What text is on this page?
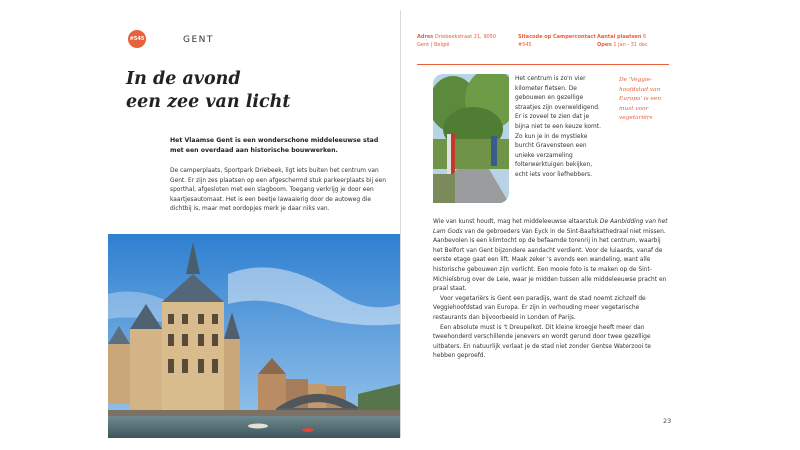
#545	GENT
In de avond
een zee van licht
Het Vlaamse Gent is een wonderschone middeleeuwse stad met een overdaad aan historische bouwwerken.
De camperplaats, Sportpark Driebeek, ligt iets buiten het centrum van Gent. Er zijn zes plaatsen op een afgeschermd stuk parkeerplaats bij een sporthal, afgesloten met een slagboom. Toegang verkrijg je door een kaartjesautomaat. Het is een beetje lawaaierig door de autoweg die dichtbij is, maar met oordopjes merk je daar niks van.
Adres Driebeekstraat 21, 9050
Gent | België
Sitecode op Campercontact
#545
Aantal plaatsen 6
Open 1 jan - 31 dec
Het centrum is zo'n vier kilometer fietsen. De gebouwen en gezellige straatjes zijn overweldigend. Er is zoveel te zien dat je bijna niet te een keuze komt. Zo kun je in de mystieke burcht Gravensteen een unieke verzameling folterwerktuigen bekijken, echt iets voor liefhebbers.
De 'Veggie-hoofdstad van Europa' is een must voor vegetariërs

Wie van kunst houdt, mag het middeleeuwse altaarstuk De Aanbidding van het Lam Gods van de gebroeders Van Eyck in de Sint-Baafskathedraal niet missen. Aanbevolen is een klimtocht op de befaamde torenrij in het centrum, waarbij het Belfort van Gent bijzondere aandacht verdient. Voor de luiaards, vanaf de eerste etage gaat een lift. Maak zeker 's avonds een wandeling, want alle historische gebouwen zijn verlicht. Een mooie foto is te maken op de Sint-Michielsbrug over de Leie, waar je midden tussen alle middeleeuwse pracht en praal staat.

Voor vegetariërs is Gent een paradijs, want de stad noemt zichzelf de Veggiehoofdstad van Europa. Er zijn in verhouding meer vegetarische restaurants dan bijvoorbeeld in Londen of Parijs.

Een absolute must is 't Dreupelkot. Dit kleine kroegje heeft meer dan tweehonderd verschillende jenevers en wordt gerund door twee gezellige uitbaters. En natuurlijk verlaat je de stad niet zonder Gentse Waterzooi te hebben geproefd.

23
